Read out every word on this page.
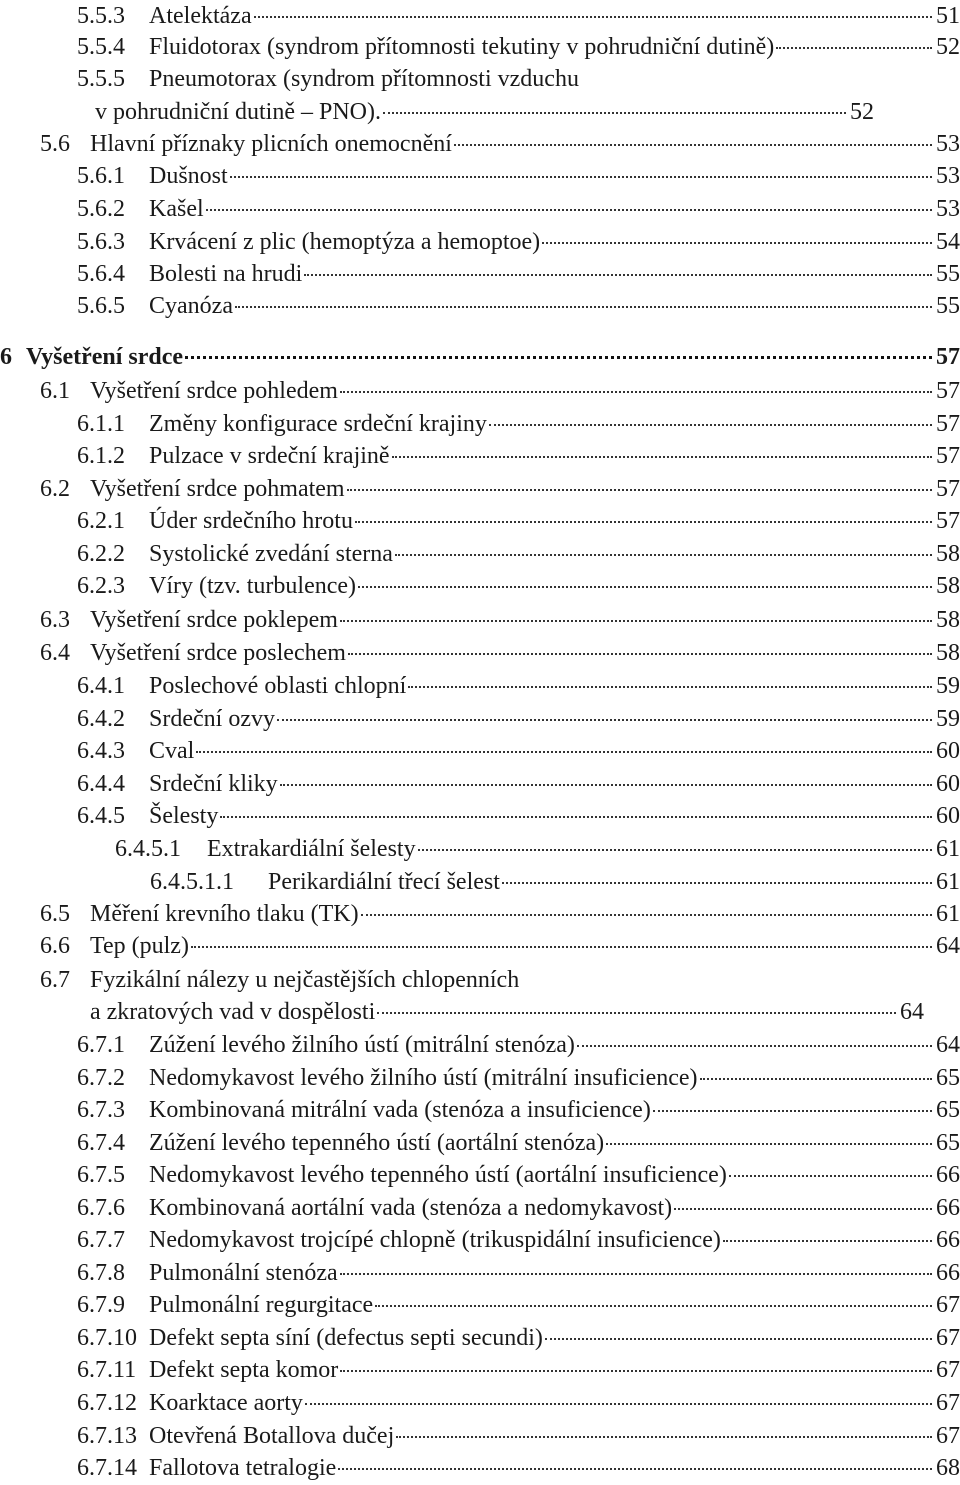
5.5.3	Atelektáza	51
5.5.4	Fluidotorax (syndrom přítomnosti tekutiny v pohrudniční dutině)	52
5.5.5	Pneumotorax (syndrom přítomnosti vzduchu
v pohrudniční dutině – PNO).	52
5.6 Hlavní příznaky plicních onemocnění	53
5.6.1	Dušnost	53
5.6.2	Kašel	53
5.6.3	Krvácení z plic (hemoptýza a hemoptoe)	54
5.6.4	Bolesti na hrudi	55
5.6.5	Cyanóza	55
6 Vyšetření srdce	57
6.1 Vyšetření srdce pohledem	57
6.1.1	Změny konfigurace srdeční krajiny	57
6.1.2	Pulzace v srdeční krajině	57
6.2 Vyšetření srdce pohmatem	57
6.2.1	Úder srdečního hrotu	57
6.2.2	Systolické zvedání sterna	58
6.2.3	Víry (tzv. turbulence)	58
6.3 Vyšetření srdce poklepem	58
6.4 Vyšetření srdce poslechem	58
6.4.1	Poslechové oblasti chlopní	59
6.4.2	Srdeční ozvy	59
6.4.3	Cval	60
6.4.4	Srdeční kliky	60
6.4.5	Šelesty	60
6.4.5.1	Extrakardiální šelesty	61
6.4.5.1.1	Perikardiální třecí šelest	61
6.5 Měření krevního tlaku (TK)	61
6.6 Tep (pulz)	64
6.7 Fyzikální nálezy u nejčastějších chlopenních
a zkratových vad v dospělosti	64
6.7.1	Zúžení levého žilního ústí (mitrální stenóza)	64
6.7.2	Nedomykavost levého žilního ústí (mitrální insuficience)	65
6.7.3	Kombinovaná mitrální vada (stenóza a insuficience)	65
6.7.4	Zúžení levého tepenného ústí (aortální stenóza)	65
6.7.5	Nedomykavost levého tepenného ústí (aortální insuficience)	66
6.7.6	Kombinovaná aortální vada (stenóza a nedomykavost)	66
6.7.7	Nedomykavost trojcípé chlopně (trikuspidální insuficience)	66
6.7.8	Pulmonální stenóza	66
6.7.9	Pulmonální regurgitace	67
6.7.10 Defekt septa síní (defectus septi secundi)	67
6.7.11 Defekt septa komor	67
6.7.12 Koarktace aorty	67
6.7.13 Otevřená Botallova dučej	67
6.7.14 Fallotova tetralogie	68
